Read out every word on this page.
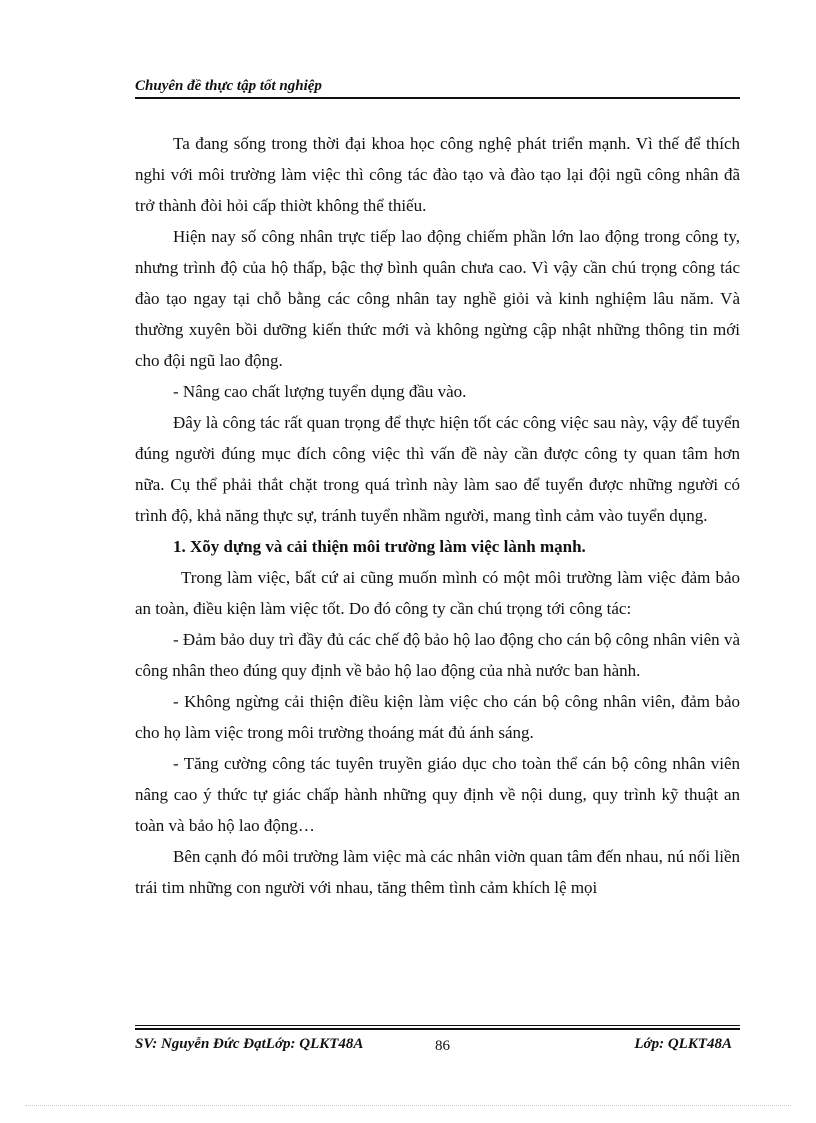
Chuyên đề thực tập tốt nghiệp

Ta đang sống trong thời đại khoa học công nghệ phát triển mạnh. Vì thế để thích nghi với môi trường làm việc thì công tác đào tạo và đào tạo lại đội ngũ công nhân đã trở thành đòi hỏi cấp thiờt không thể thiếu.

Hiện nay số công nhân trực tiếp lao động chiếm phần lớn lao động trong công ty, nhưng trình độ của hộ thấp, bậc thợ bình quân chưa cao. Vì vậy cần chú trọng công tác đào tạo ngay tại chỗ bằng các công nhân tay nghề giỏi và kinh nghiệm lâu năm. Và thường xuyên bồi dưỡng kiến thức mới và không ngừng cập nhật những thông tin mới cho đội ngũ lao động.

- Nâng cao chất lượng tuyển dụng đầu vào.

Đây là công tác rất quan trọng để thực hiện tốt các công việc sau này, vậy để tuyển đúng người đúng mục đích công việc thì vấn đề này cần được công ty quan tâm hơn nữa. Cụ thể phải thắt chặt trong quá trình này làm sao để tuyển được những người có trình độ, khả năng thực sự, tránh tuyển nhầm người, mang tình cảm vào tuyển dụng.

1. Xõy dựng và cải thiện môi trường làm việc lành mạnh.

Trong làm việc, bất cứ ai cũng muốn mình có một môi trường làm việc đảm bảo an toàn, điều kiện làm việc tốt. Do đó công ty cần chú trọng tới công tác:

- Đảm bảo duy trì đầy đủ các chế độ bảo hộ lao động cho cán bộ công nhân viên và công nhân theo đúng quy định về bảo hộ lao động của nhà nước ban hành.

- Không ngừng cải thiện điều kiện làm việc cho cán bộ công nhân viên, đảm bảo cho họ làm việc trong môi trường thoáng mát đủ ánh sáng.

- Tăng cường công tác tuyên truyền giáo dục cho toàn thể cán bộ công nhân viên nâng cao ý thức tự giác chấp hành những quy định về nội dung, quy trình kỹ thuật an toàn và bảo hộ lao động…

Bên cạnh đó môi trường làm việc mà các nhân viờn quan tâm đến nhau, nú nối liền trái tim những con người với nhau, tăng thêm tình cảm khích lệ mọi

SV: Nguyễn Đức ĐạtLớp: QLKT48A	86	Lớp: QLKT48A
